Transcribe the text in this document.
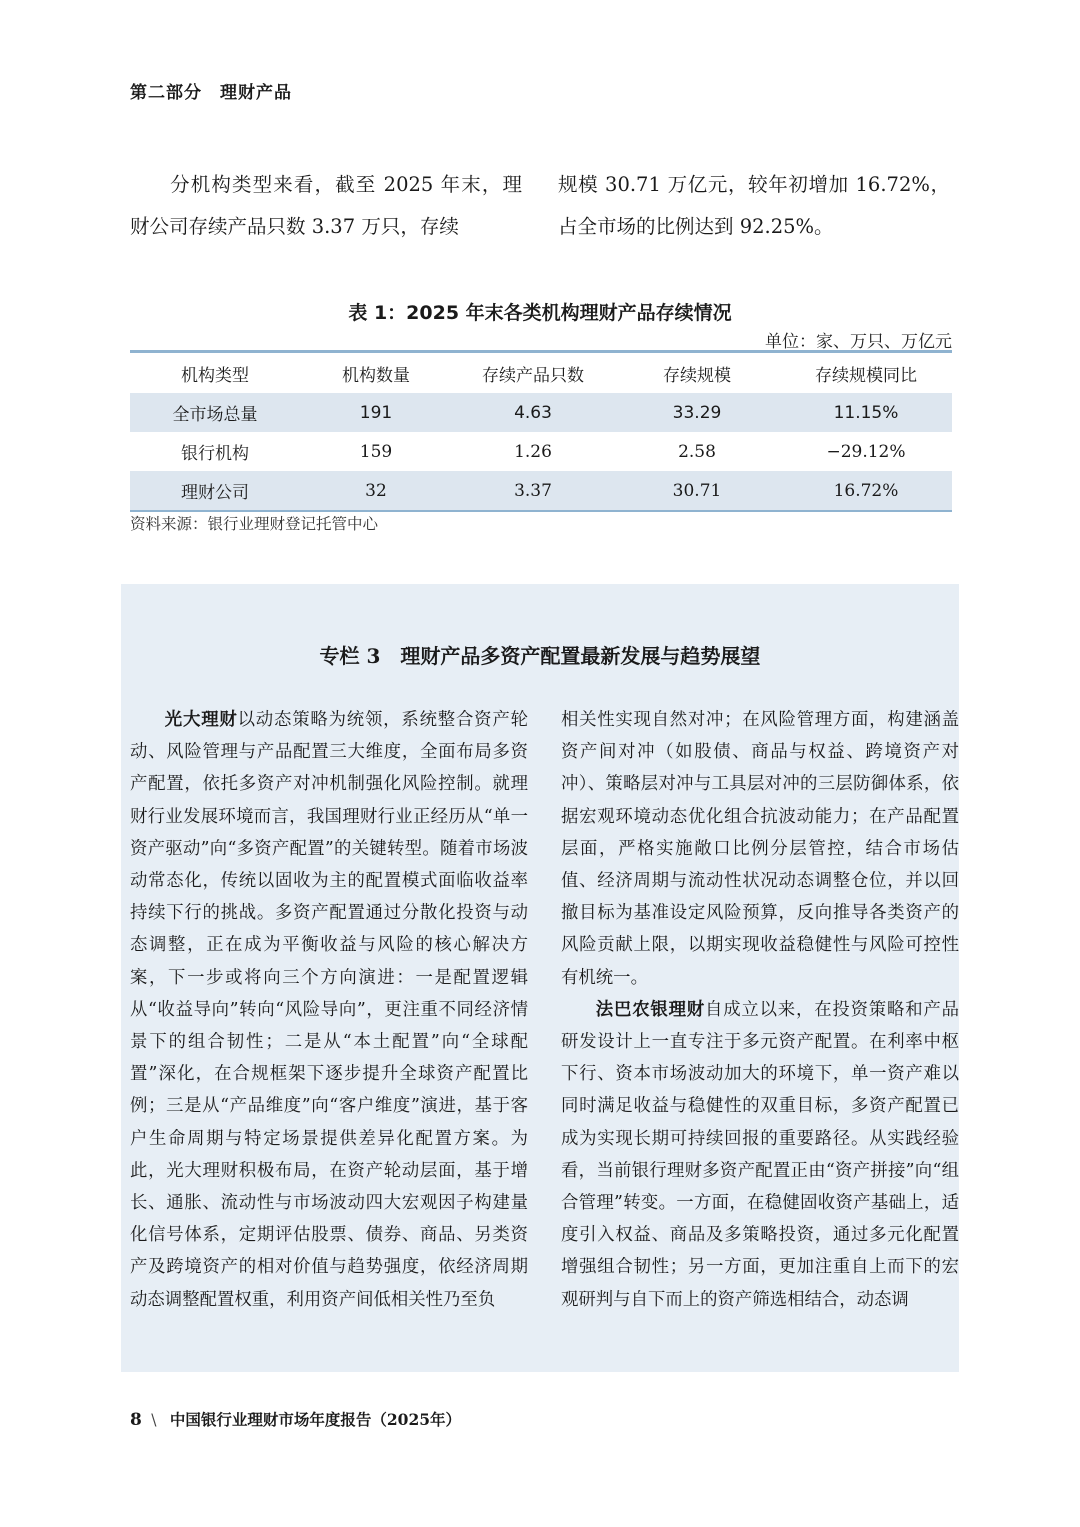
第二部分　理财产品
分机构类型来看，截至 2025 年末，理财公司存续产品只数 3.37 万只，存续
规模 30.71 万亿元，较年初增加 16.72%，占全市场的比例达到 92.25%。
表 1：2025 年末各类机构理财产品存续情况
单位：家、万只、万亿元
机构类型	机构数量	存续产品只数	存续规模	存续规模同比
全市场总量	191	4.63	33.29	11.15%
银行机构	159	1.26	2.58	−29.12%
理财公司	32	3.37	30.71	16.72%
资料来源：银行业理财登记托管中心
专栏 3　理财产品多资产配置最新发展与趋势展望

光大理财以动态策略为统领，系统整合资产轮动、风险管理与产品配置三大维度，全面布局多资产配置，依托多资产对冲机制强化风险控制。就理财行业发展环境而言，我国理财行业正经历从“单一资产驱动”向“多资产配置”的关键转型。随着市场波动常态化，传统以固收为主的配置模式面临收益率持续下行的挑战。多资产配置通过分散化投资与动态调整，正在成为平衡收益与风险的核心解决方案，下一步或将向三个方向演进：一是配置逻辑从“收益导向”转向“风险导向”，更注重不同经济情景下的组合韧性；二是从“本土配置”向“全球配置”深化，在合规框架下逐步提升全球资产配置比例；三是从“产品维度”向“客户维度”演进，基于客户生命周期与特定场景提供差异化配置方案。为此，光大理财积极布局，在资产轮动层面，基于增长、通胀、流动性与市场波动四大宏观因子构建量化信号体系，定期评估股票、债券、商品、另类资产及跨境资产的相对价值与趋势强度，依经济周期动态调整配置权重，利用资产间低相关性乃至负

相关性实现自然对冲；在风险管理方面，构建涵盖资产间对冲（如股债、商品与权益、跨境资产对冲）、策略层对冲与工具层对冲的三层防御体系，依据宏观环境动态优化组合抗波动能力；在产品配置层面，严格实施敞口比例分层管控，结合市场估值、经济周期与流动性状况动态调整仓位，并以回撤目标为基准设定风险预算，反向推导各类资产的风险贡献上限，以期实现收益稳健性与风险可控性有机统一。

法巴农银理财自成立以来，在投资策略和产品研发设计上一直专注于多元资产配置。在利率中枢下行、资本市场波动加大的环境下，单一资产难以同时满足收益与稳健性的双重目标，多资产配置已成为实现长期可持续回报的重要路径。从实践经验看，当前银行理财多资产配置正由“资产拼接”向“组合管理”转变。一方面，在稳健固收资产基础上，适度引入权益、商品及多策略投资，通过多元化配置增强组合韧性；另一方面，更加注重自上而下的宏观研判与自下而上的资产筛选相结合，动态调

8 \ 中国银行业理财市场年度报告（2025年）
